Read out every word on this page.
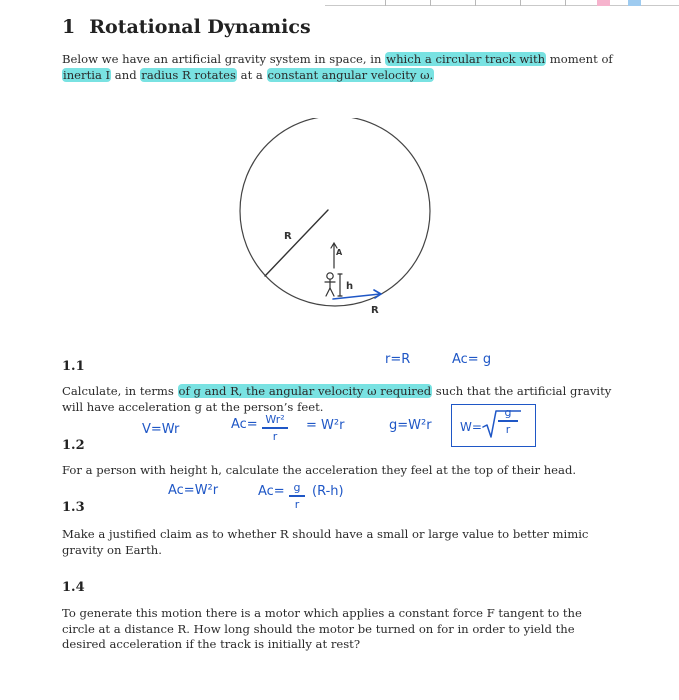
1 Rotational Dynamics
Below we have an artificial gravity system in space, in which a circular track with moment of inertia I and radius R rotates at a constant angular velocity ω.
R
A
h
R
1.1	r=R	Ac= g
Calculate, in terms of g and R, the angular velocity ω required such that the artificial gravity will have acceleration g at the person’s feet.
V=Wr	Ac= Wr²
r
= W²r	g=W²r W=
g
r
1.2
For a person with height h, calculate the acceleration they feel at the top of their head.
Ac=W²r	Ac= g
r
(R-h)
1.3
Make a justified claim as to whether R should have a small or large value to better mimic gravity on Earth.
1.4
To generate this motion there is a motor which applies a constant force F tangent to the circle at a distance R. How long should the motor be turned on for in order to yield the desired acceleration if the track is initially at rest?
